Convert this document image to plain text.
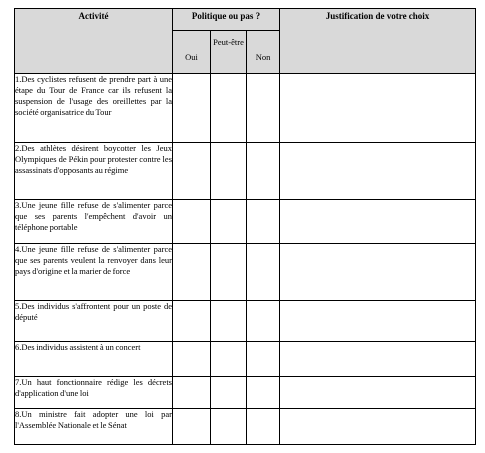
Activité	Politique ou pas ?			Justification de votre choix

	Oui	Peut-être	Non	

1.Des cyclistes refusent de prendre part à une étape du Tour de France car ils refusent la suspension de l'usage des oreillettes par la société organisatrice du Tour				
2.Des athlètes désirent boycotter les Jeux Olympiques de Pékin pour protester contre les assassinats d'opposants au régime				
3.Une jeune fille refuse de s'alimenter parce que ses parents l'empêchent d'avoir un téléphone portable				
4.Une jeune fille refuse de s'alimenter parce que ses parents veulent la renvoyer dans leur pays d'origine et la marier de force				
5.Des individus s'affrontent pour un poste de député				
6.Des individus assistent à un concert				
7.Un haut fonctionnaire rédige les décrets d'application d'une loi				
8.Un ministre fait adopter une loi par l'Assemblée Nationale et le Sénat				
